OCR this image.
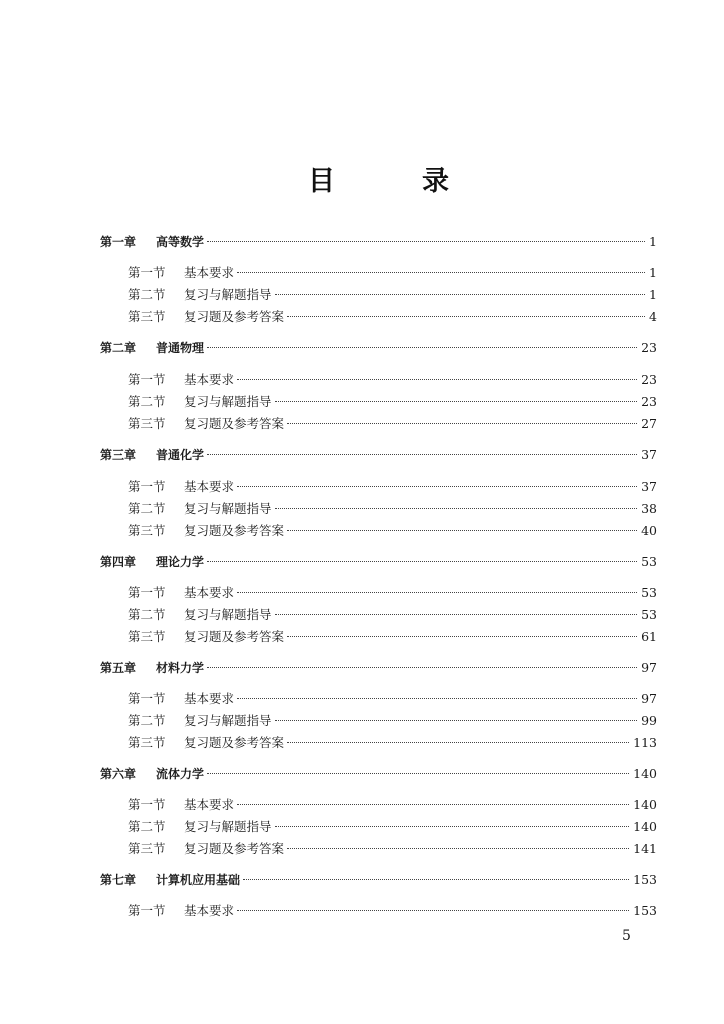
目	录
第一章	高等数学	1
第一节	基本要求	1
第二节	复习与解题指导	1
第三节	复习题及参考答案	4
第二章	普通物理	23
第一节	基本要求	23
第二节	复习与解题指导	23
第三节	复习题及参考答案	27
第三章	普通化学	37
第一节	基本要求	37
第二节	复习与解题指导	38
第三节	复习题及参考答案	40
第四章	理论力学	53
第一节	基本要求	53
第二节	复习与解题指导	53
第三节	复习题及参考答案	61
第五章	材料力学	97
第一节	基本要求	97
第二节	复习与解题指导	99
第三节	复习题及参考答案	113
第六章	流体力学	140
第一节	基本要求	140
第二节	复习与解题指导	140
第三节	复习题及参考答案	141
第七章	计算机应用基础	153
第一节	基本要求	153
5
